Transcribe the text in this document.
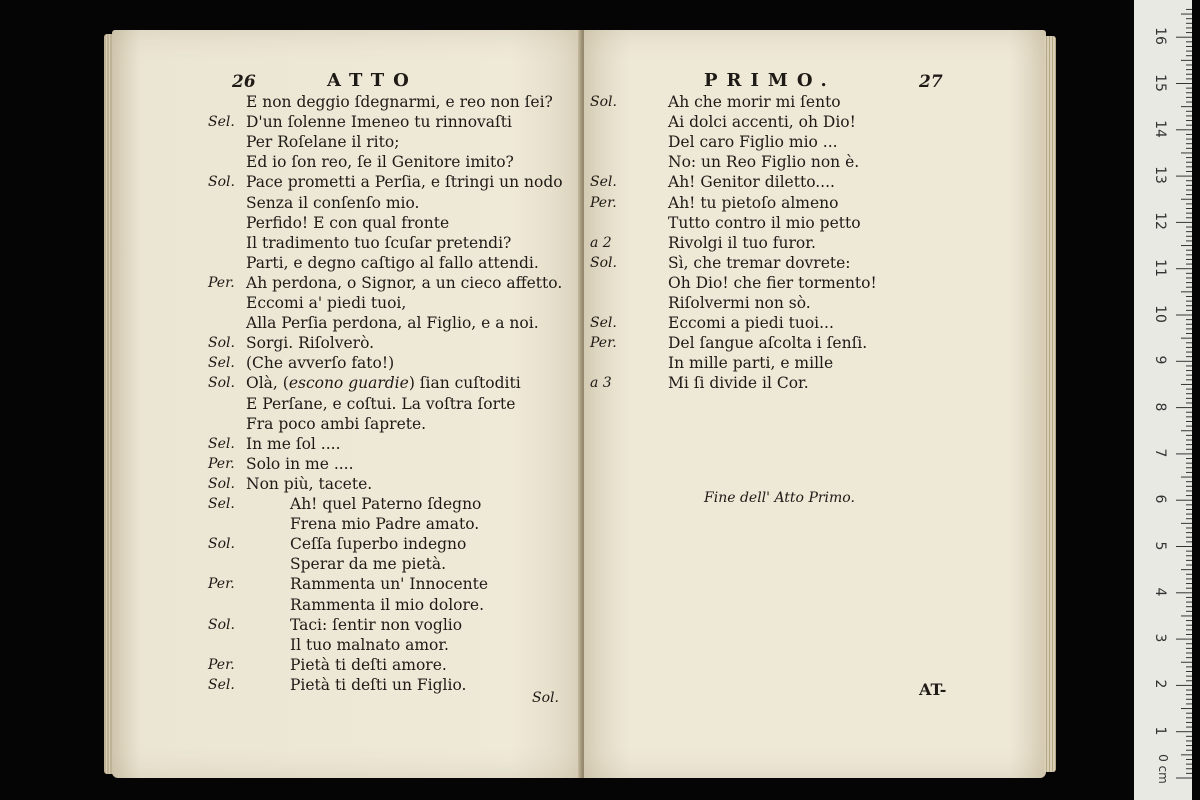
26	ATTO
E non deggio ſdegnarmi, e reo non ſei?
Sel. D'un ſolenne Imeneo tu rinnovaſti
Per Roſelane il rito;
Ed io ſon reo, ſe il Genitore imito?
Sol. Pace prometti a Perſia, e ſtringi un nodo
Senza il conſenſo mio.
Perfido! E con qual fronte
Il tradimento tuo ſcuſar pretendi?
Parti, e degno caſtigo al fallo attendi.
Per. Ah perdona, o Signor, a un cieco affetto.
Eccomi a' piedi tuoi,
Alla Perſia perdona, al Figlio, e a noi.
Sol. Sorgi. Riſolverò.
Sel. (Che avverſo fato!)
Sol. Olà, (escono guardie) ſian cuſtoditi
E Perſane, e coſtui. La voſtra ſorte
Fra poco ambi ſaprete.
Sel. In me ſol ....
Per. Solo in me ....
Sol. Non più, tacete.
Sel.	Ah! quel Paterno ſdegno
Frena mio Padre amato.
Sol.	Ceſſa ſuperbo indegno
Sperar da me pietà.
Per.	Rammenta un' Innocente
Rammenta il mio dolore.
Sol.	Taci: ſentir non voglio
Il tuo malnato amor.
Per.	Pietà ti deſti amore.
Sel.	Pietà ti deſti un Figlio.
Sol.
PRIMO.	27
Sol.	Ah che morir mi ſento
Ai dolci accenti, oh Dio!
Del caro Figlio mio ...
No: un Reo Figlio non è.
Sel.	Ah! Genitor diletto....
Per.	Ah! tu pietoſo almeno
Tutto contro il mio petto
a 2	Rivolgi il tuo furor.
Sol.	Sì, che tremar dovrete:
Oh Dio! che fier tormento!
Riſolvermi non sò.
Sel.	Eccomi a piedi tuoi...
Per.	Del ſangue aſcolta i ſenſi.
In mille parti, e mille
a 3	Mi ſi divide il Cor.
Fine dell' Atto Primo.
AT-
1
2
3
4
5
6
7
8
9
10
11
12
13
14
15
16
0 cm
